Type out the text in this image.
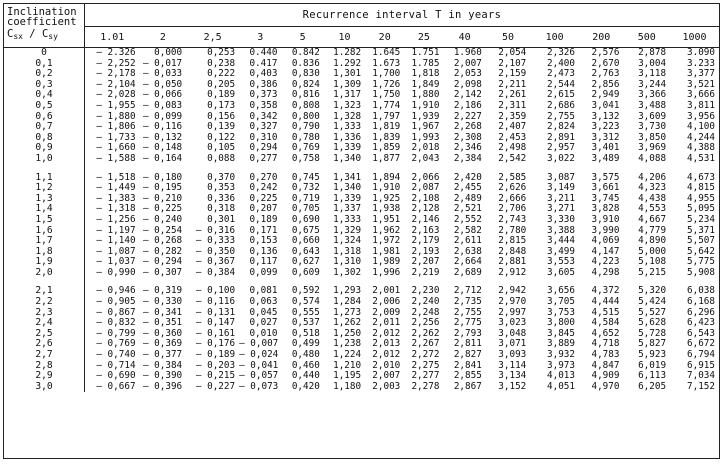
Inclination
coefficient
$C_{sx} / C_{sy}$	Recurrence interval T in years													
	1.01	2	2,5	3	5	10	20	25	40	50	100	200	500	1000
0	– 2.326	0,000	0,253	0.440	0.842	1.282	1.645	1.751	1.960	2,054	2,326	2,576	2,878	3.090
0,1	– 2,252	– 0,017	0,238	0.417	0.836	1.292	1.673	1.785	2,007	2,107	2,400	2,670	3,004	3.233
0,2	– 2,178	– 0,033	0,222	0,403	0,830	1,301	1,700	1,818	2,053	2,159	2,473	2,763	3,118	3,377
0,3	– 2,104	– 0,050	0,205	0,386	0,824	1,309	1,726	1,849	2,098	2,211	2,544	2,856	3,244	3,521
0,4	– 2,028	– 0,066	0,189	0,373	0,816	1,317	1,750	1,880	2,142	2,261	2,615	2,949	3,366	3,666
0,5	– 1,955	– 0,083	0,173	0,358	0,808	1,323	1,774	1,910	2,186	2,311	2,686	3,041	3,488	3,811
0,6	– 1,880	– 0,099	0,156	0,342	0,800	1,328	1,797	1,939	2,227	2,359	2,755	3,132	3,609	3,956
0,7	– 1,806	– 0,116	0,139	0,327	0,790	1,333	1,819	1,967	2,268	2,407	2,824	3,223	3,730	4,100
0,8	– 1,733	– 0,132	0,122	0,310	0,780	1,336	1,839	1,993	2,308	2,453	2,891	3,312	3,850	4,244
0,9	– 1,660	– 0,148	0,105	0,294	0,769	1,339	1,859	2,018	2,346	2,498	2,957	3,401	3,969	4,388
1,0	– 1,588	– 0,164	0,088	0,277	0,758	1,340	1,877	2,043	2,384	2,542	3,022	3,489	4,088	4,531

1,1	– 1,518	– 0,180	0,370	0,270	0,745	1,341	1,894	2,066	2,420	2,585	3,087	3,575	4,206	4,673
1,2	– 1,449	– 0,195	0,353	0,242	0,732	1,340	1,910	2,087	2,455	2,626	3,149	3,661	4,323	4,815
1,3	– 1,383	– 0,210	0,336	0,225	0,719	1,339	1,925	2,108	2,489	2,666	3,211	3,745	4,438	4,955
1,4	– 1,318	– 0,225	0,318	0,207	0,705	1,337	1,938	2,128	2,521	2,706	3,271	3,828	4,553	5,095
1,5	– 1,256	– 0,240	0,301	0,189	0,690	1,333	1,951	2,146	2,552	2,743	3,330	3,910	4,667	5,234
1,6	– 1,197	– 0,254	– 0,316	0,171	0,675	1,329	1,962	2,163	2,582	2,780	3,388	3,990	4,779	5,371
1,7	– 1,140	– 0,268	– 0,333	0,153	0,660	1,324	1,972	2,179	2,611	2,815	3,444	4,069	4,890	5,507
1,8	– 1,087	– 0,282	– 0,350	0,136	0,643	1,318	1,981	2,193	2,638	2,848	3,499	4,147	5,000	5,642
1,9	– 1,037	– 0,294	– 0,367	0,117	0,627	1,310	1,989	2,207	2,664	2,881	3,553	4,223	5,108	5,775
2,0	– 0,990	– 0,307	– 0,384	0,099	0,609	1,302	1,996	2,219	2,689	2,912	3,605	4,298	5,215	5,908

2,1	– 0,946	– 0,319	– 0,100	0,081	0,592	1,293	2,001	2,230	2,712	2,942	3,656	4,372	5,320	6,038
2,2	– 0,905	– 0,330	– 0,116	0,063	0,574	1,284	2,006	2,240	2,735	2,970	3,705	4,444	5,424	6,168
2,3	– 0,867	– 0,341	– 0,131	0,045	0,555	1,273	2,009	2,248	2,755	2,997	3,753	4,515	5,527	6,296
2,4	– 0,832	– 0,351	– 0,147	0,027	0,537	1,262	2,011	2,256	2,775	3,023	3,800	4,584	5,628	6,423
2,5	– 0,799	– 0,360	– 0,161	0,010	0,518	1,250	2,012	2,262	2,793	3,048	3,845	4,652	5,728	6,543
2,6	– 0,769	– 0,369	– 0,176	– 0,007	0,499	1,238	2,013	2,267	2,811	3,071	3,889	4,718	5,827	6,672
2,7	– 0,740	– 0,377	– 0,189	– 0,024	0,480	1,224	2,012	2,272	2,827	3,093	3,932	4,783	5,923	6,794
2,8	– 0,714	– 0,384	– 0,203	– 0,041	0,460	1,210	2,010	2,275	2,841	3,114	3,973	4,847	6,019	6,915
2,9	– 0,690	– 0,390	– 0,215	– 0,057	0,440	1,195	2,007	2,277	2,855	3,134	4,013	4,909	6,113	7,034
3,0	– 0,667	– 0,396	– 0,227	– 0,073	0,420	1,180	2,003	2,278	2,867	3,152	4,051	4,970	6,205	7,152
